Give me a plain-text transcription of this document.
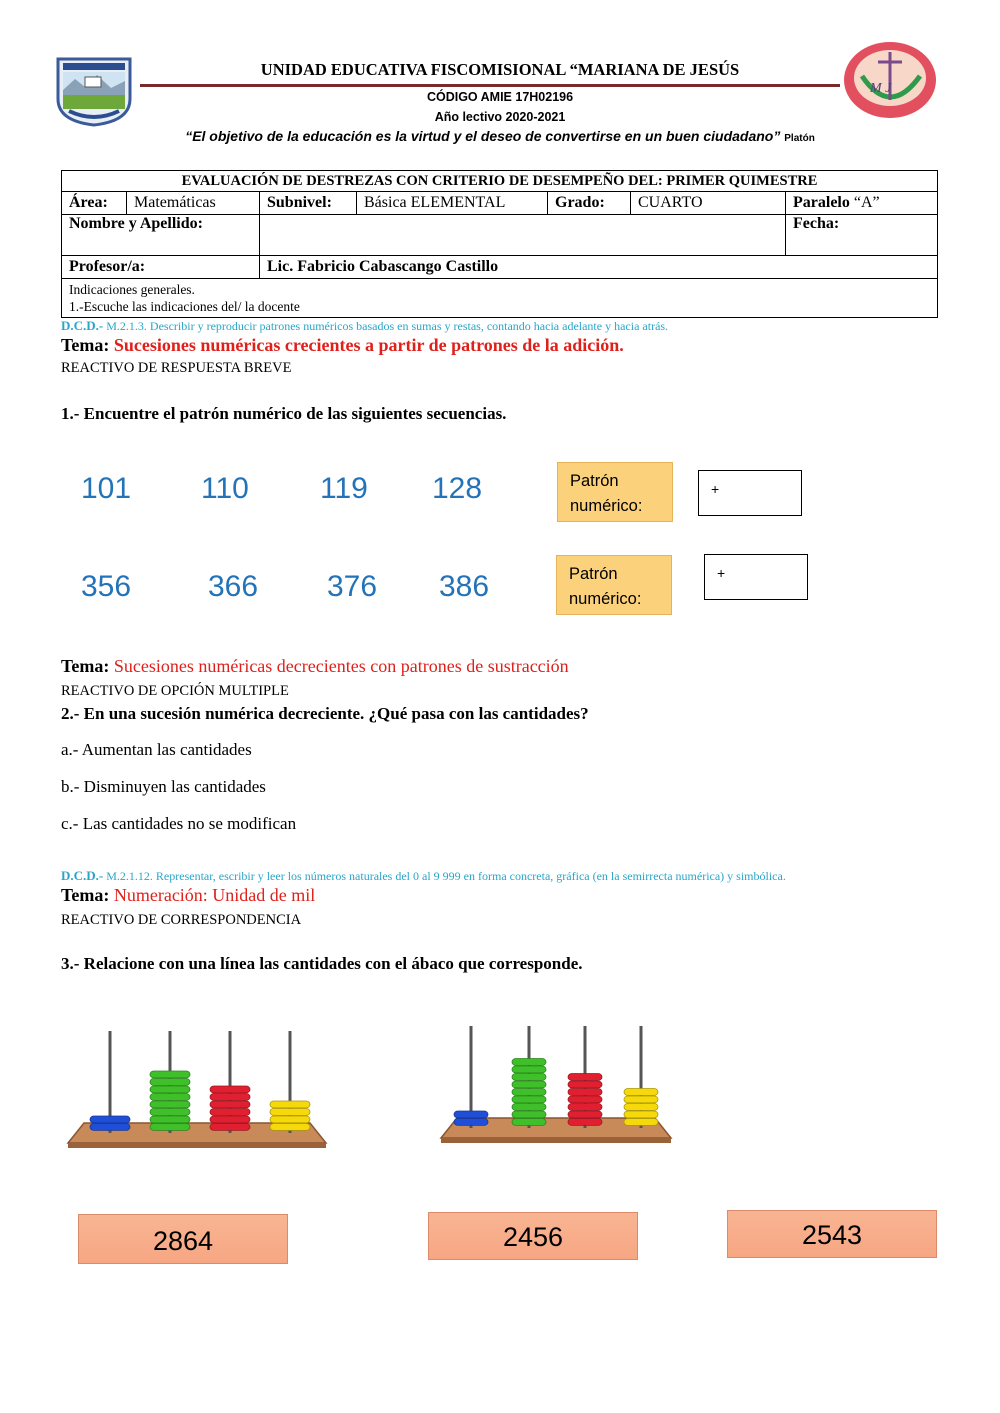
M J
UNIDAD EDUCATIVA FISCOMISIONAL “MARIANA DE JESÚS
CÓDIGO AMIE 17H02196
Año lectivo 2020-2021
“El objetivo de la educación es la virtud y el deseo de convertirse en un buen ciudadano” Platón
EVALUACIÓN DE DESTREZAS CON CRITERIO DE DESEMPEÑO DEL: PRIMER QUIMESTRE						
Área:	Matemáticas	Subnivel:	Básica ELEMENTAL	Grado:	CUARTO	Paralelo “A”
Nombre y Apellido:						Fecha:
Profesor/a:		Lic. Fabricio Cabascango Castillo				

Indicaciones generales.
1.-Escuche las indicaciones del/ la docente						
D.C.D.- M.2.1.3. Describir y reproducir patrones numéricos basados en sumas y restas, contando hacia adelante y hacia atrás.
Tema: Sucesiones numéricas crecientes a partir de patrones de la adición.
REACTIVO DE RESPUESTA BREVE
1.- Encuentre el patrón numérico de las siguientes secuencias.
101 110 119 128	Patrón
numérico:
+
356	366 376 386	Patrón
numérico:
+
Tema: Sucesiones numéricas decrecientes con patrones de sustracción
REACTIVO DE OPCIÓN MULTIPLE
2.- En una sucesión numérica decreciente. ¿Qué pasa con las cantidades?
a.- Aumentan las cantidades
b.- Disminuyen las cantidades
c.- Las cantidades no se modifican
D.C.D.- M.2.1.12. Representar, escribir y leer los números naturales del 0 al 9 999 en forma concreta, gráfica (en la semirrecta numérica) y simbólica.
Tema: Numeración: Unidad de mil
REACTIVO DE CORRESPONDENCIA
3.- Relacione con una línea las cantidades con el ábaco que corresponde.
2864	2456	2543
